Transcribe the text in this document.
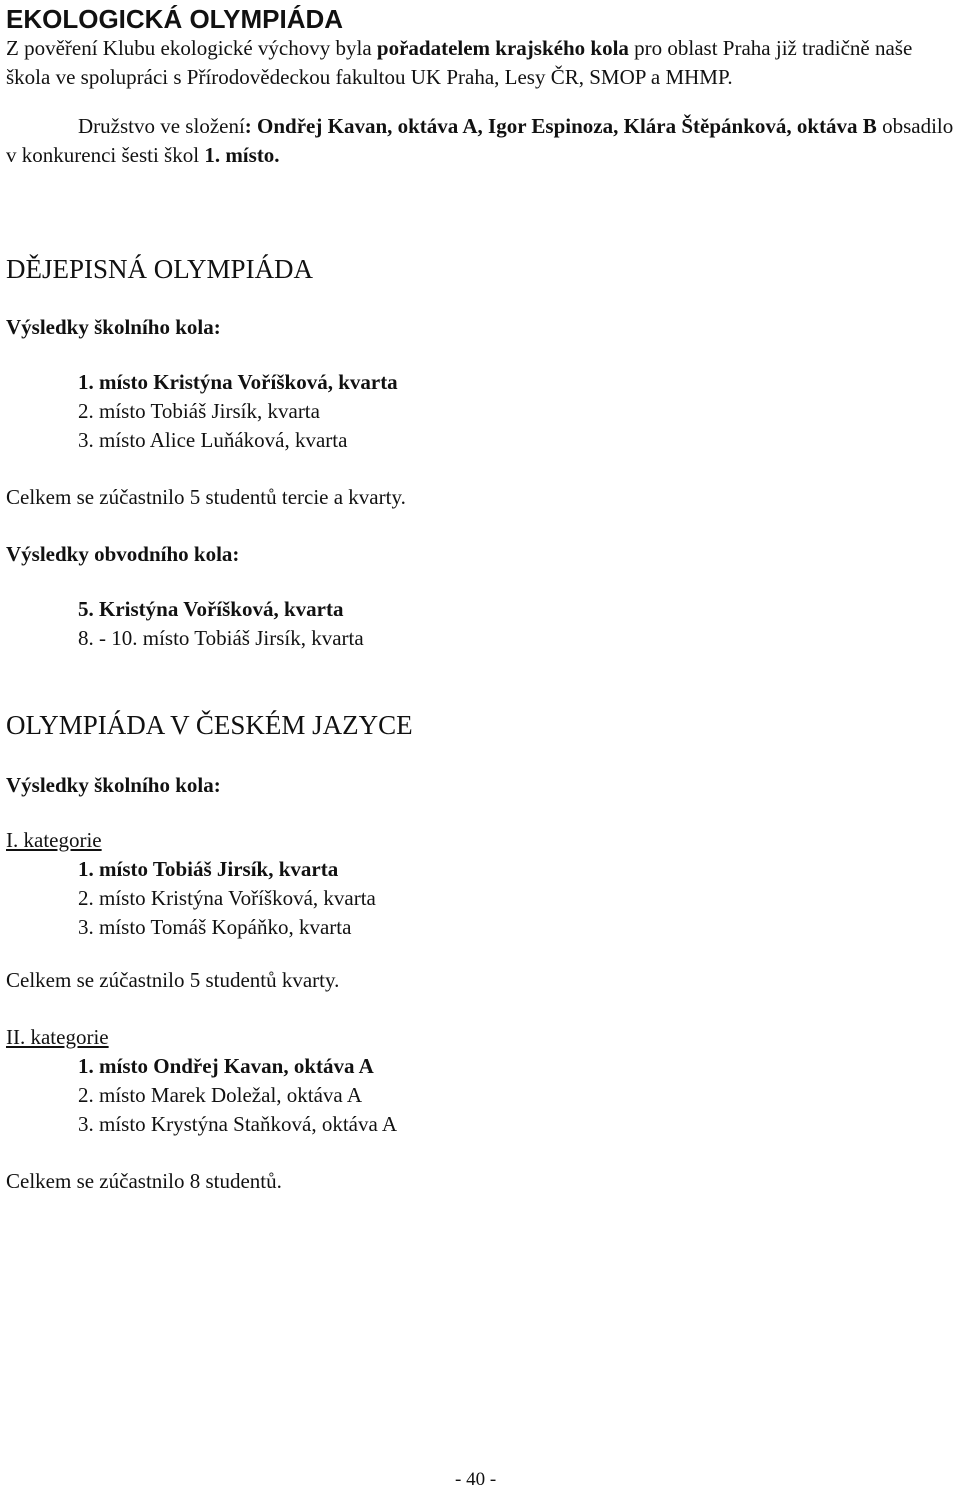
EKOLOGICKÁ OLYMPIÁDA

Z pověření Klubu ekologické výchovy byla pořadatelem krajského kola pro oblast Praha již tradičně naše škola ve spolupráci s Přírodovědeckou fakultou UK Praha, Lesy ČR, SMOP a MHMP.

Družstvo ve složení: Ondřej Kavan, oktáva A, Igor Espinoza, Klára Štěpánková, oktáva B obsadilo v konkurenci šesti škol 1. místo.

DĚJEPISNÁ OLYMPIÁDA

Výsledky školního kola:

1. místo Kristýna Voříšková, kvarta
2. místo Tobiáš Jirsík, kvarta
3. místo Alice Luňáková, kvarta

Celkem se zúčastnilo 5 studentů tercie a kvarty.

Výsledky obvodního kola:

5. Kristýna Voříšková, kvarta
8. - 10. místo Tobiáš Jirsík, kvarta
OLYMPIÁDA V ČESKÉM JAZYCE

Výsledky školního kola:

I. kategorie

1. místo Tobiáš Jirsík, kvarta
2. místo Kristýna Voříšková, kvarta
3. místo Tomáš Kopáňko, kvarta

Celkem se zúčastnilo 5 studentů kvarty.

II. kategorie

1. místo Ondřej Kavan, oktáva A
2. místo Marek Doležal, oktáva A
3. místo Krystýna Staňková, oktáva A

Celkem se zúčastnilo 8 studentů.

- 40 -
